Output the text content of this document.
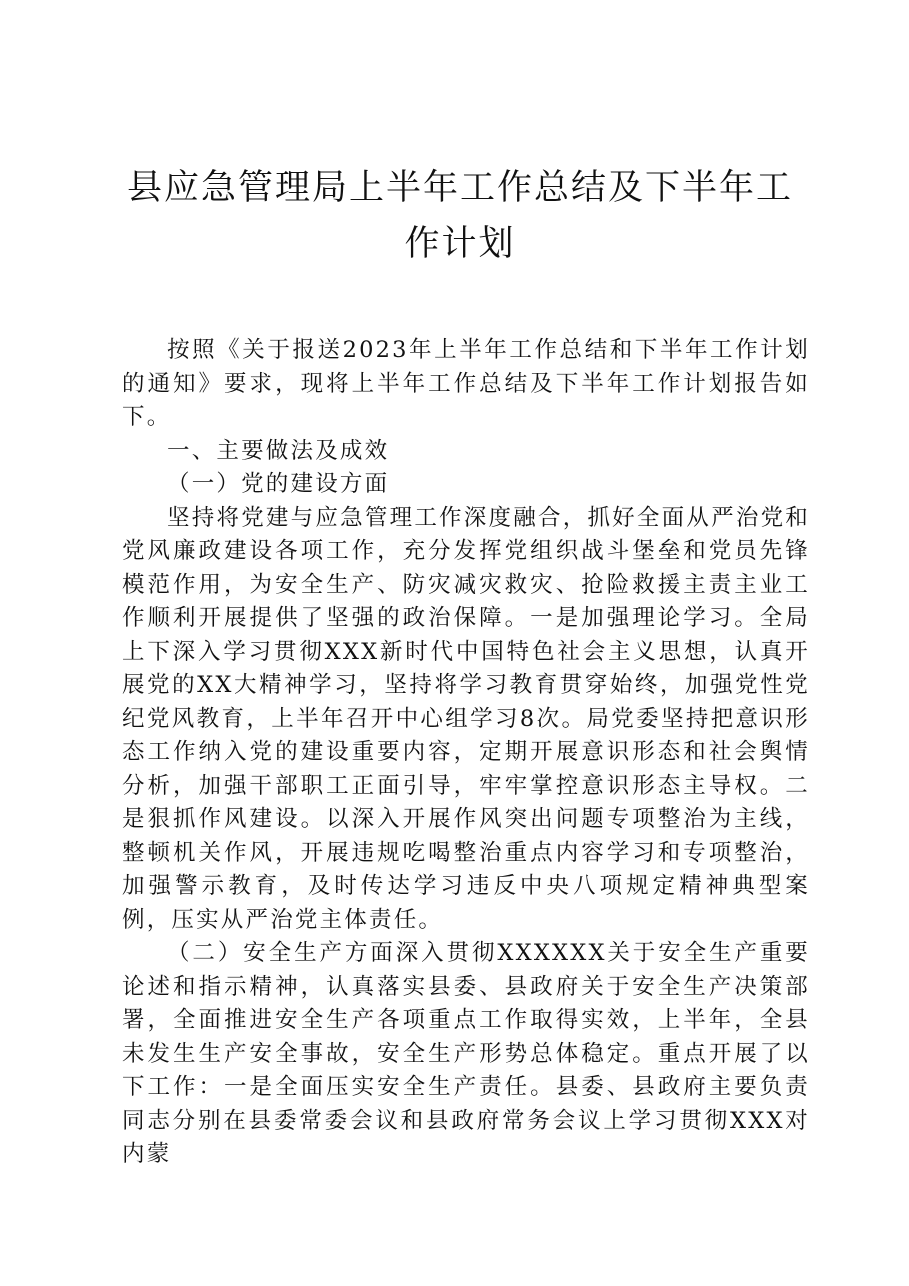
县应急管理局上半年工作总结及下半年工作计划

按照《关于报送2023年上半年工作总结和下半年工作计划的通知》要求，现将上半年工作总结及下半年工作计划报告如下。

一、主要做法及成效

（一）党的建设方面

坚持将党建与应急管理工作深度融合，抓好全面从严治党和党风廉政建设各项工作，充分发挥党组织战斗堡垒和党员先锋模范作用，为安全生产、防灾减灾救灾、抢险救援主责主业工作顺利开展提供了坚强的政治保障。一是加强理论学习。全局上下深入学习贯彻XXX新时代中国特色社会主义思想，认真开展党的XX大精神学习，坚持将学习教育贯穿始终，加强党性党纪党风教育，上半年召开中心组学习8次。局党委坚持把意识形态工作纳入党的建设重要内容，定期开展意识形态和社会舆情分析，加强干部职工正面引导，牢牢掌控意识形态主导权。二是狠抓作风建设。以深入开展作风突出问题专项整治为主线，整顿机关作风，开展违规吃喝整治重点内容学习和专项整治，加强警示教育，及时传达学习违反中央八项规定精神典型案例，压实从严治党主体责任。

（二）安全生产方面深入贯彻XXXXXX关于安全生产重要论述和指示精神，认真落实县委、县政府关于安全生产决策部署，全面推进安全生产各项重点工作取得实效，上半年，全县未发生生产安全事故，安全生产形势总体稳定。重点开展了以下工作：一是全面压实安全生产责任。县委、县政府主要负责同志分别在县委常委会议和县政府常务会议上学习贯彻XXX对内蒙
